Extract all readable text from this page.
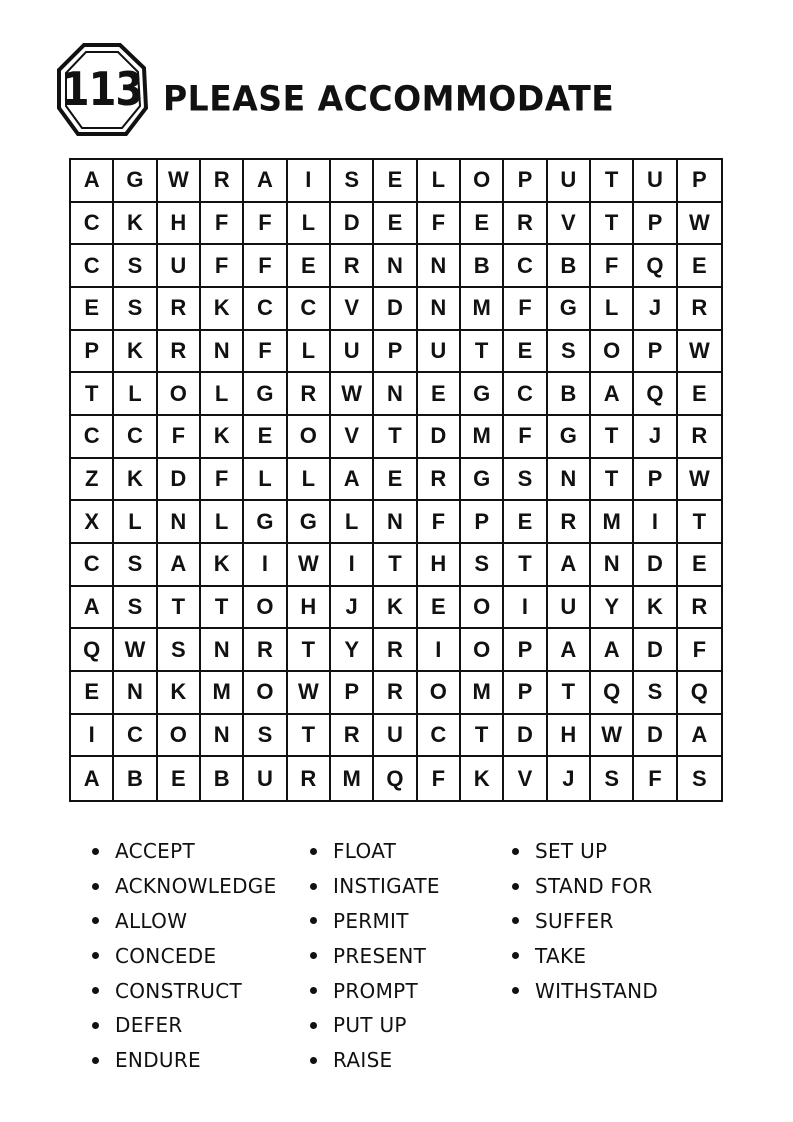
113 PLEASE ACCOMMODATE
A	G	W	R	A	I	S	E	L	O	P	U	T	U	P
C	K	H	F	F	L	D	E	F	E	R	V	T	P	W
C	S	U	F	F	E	R	N	N	B	C	B	F	Q	E
E	S	R	K	C	C	V	D	N	M	F	G	L	J	R
P	K	R	N	F	L	U	P	U	T	E	S	O	P	W
T	L	O	L	G	R	W	N	E	G	C	B	A	Q	E
C	C	F	K	E	O	V	T	D	M	F	G	T	J	R
Z	K	D	F	L	L	A	E	R	G	S	N	T	P	W
X	L	N	L	G	G	L	N	F	P	E	R	M	I	T
C	S	A	K	I	W	I	T	H	S	T	A	N	D	E
A	S	T	T	O	H	J	K	E	O	I	U	Y	K	R
Q	W	S	N	R	T	Y	R	I	O	P	A	A	D	F
E	N	K	M	O	W	P	R	O	M	P	T	Q	S	Q
I	C	O	N	S	T	R	U	C	T	D	H	W	D	A
A	B	E	B	U	R	M	Q	F	K	V	J	S	F	S
ACCEPT
ACKNOWLEDGE
ALLOW
CONCEDE
CONSTRUCT
DEFER
ENDURE
FLOAT
INSTIGATE
PERMIT
PRESENT
PROMPT
PUT UP
RAISE
SET UP
STAND FOR
SUFFER
TAKE
WITHSTAND
